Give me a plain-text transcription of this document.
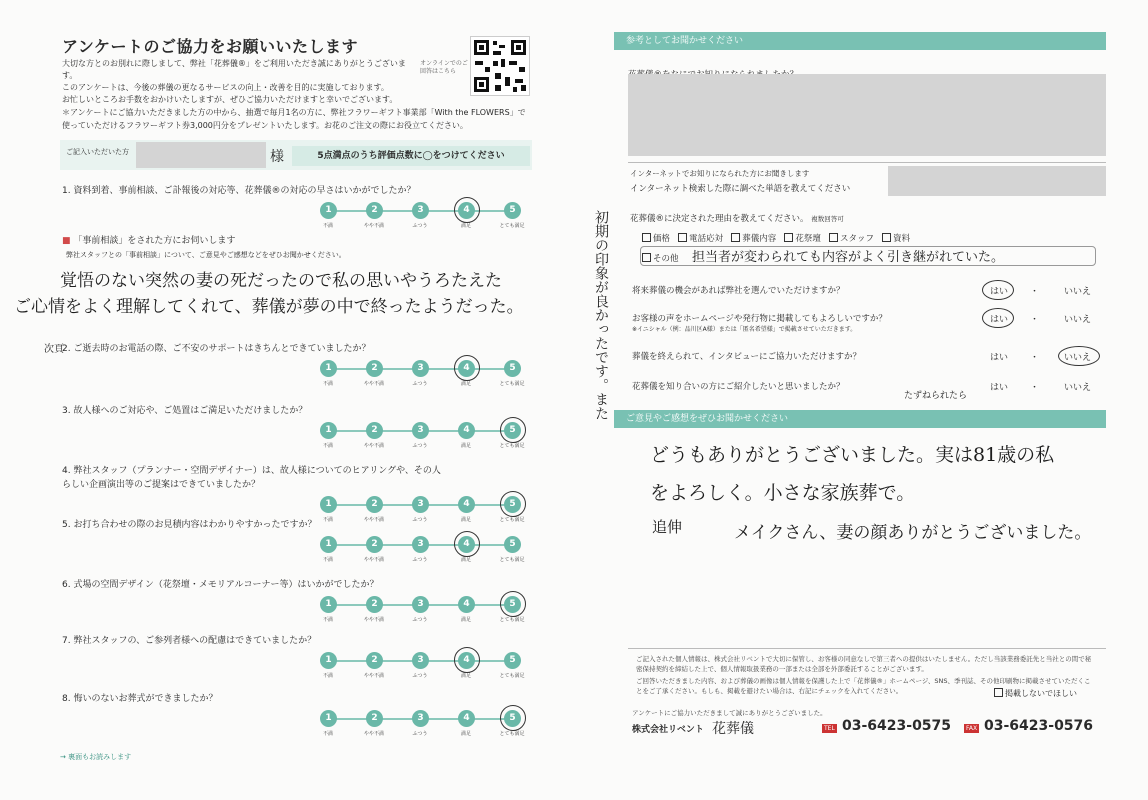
アンケートのご協力をお願いいたします
大切な方とのお別れに際しまして、弊社「花葬儀®」をご利用いただき誠にありがとうございます。
このアンケートは、今後の葬儀の更なるサービスの向上・改善を目的に実施しております。
お忙しいところお手数をおかけいたしますが、ぜひご協力いただけますと幸いでございます。
オンラインでのご回答はこちら
＊アンケートにご協力いただきました方の中から、抽選で毎月1名の方に、弊社フラワーギフト事業部「With the FLOWERS」で使っていただけるフラワーギフト券3,000円分をプレゼントいたします。お花のご注文の際にお役立てください。
ご記入いただいた方	様	5点満点のうち評価点数に◯をつけてください
1. 資料到着、事前相談、ご訃報後の対応等、花葬儀®の対応の早さはいかがでしたか？
1
不満
2
やや不満
3
ふつう
4
満足
5
とても満足
2. ご逝去時のお電話の際、ご不安のサポートはきちんとできていましたか？
1
不満
2
やや不満
3
ふつう
4
満足
5
とても満足
3. 故人様へのご対応や、ご処置はご満足いただけましたか？
1
不満
2
やや不満
3
ふつう
4
満足
5
とても満足
4. 弊社スタッフ（プランナー・空間デザイナー）は、故人様についてのヒアリングや、その人らしい企画演出等のご提案はできていましたか？
1
不満
2
やや不満
3
ふつう
4
満足
5
とても満足
5. お打ち合わせの際のお見積内容はわかりやすかったですか？
1
不満
2
やや不満
3
ふつう
4
満足
5
とても満足
6. 式場の空間デザイン（花祭壇・メモリアルコーナー等）はいかがでしたか？
1
不満
2
やや不満
3
ふつう
4
満足
5
とても満足
7. 弊社スタッフの、ご参列者様への配慮はできていましたか？
1
不満
2
やや不満
3
ふつう
4
満足
5
とても満足
8. 悔いのないお葬式ができましたか？
1
不満
2
やや不満
3
ふつう
4
満足
5
とても満足
■ 「事前相談」をされた方にお伺いします
弊社スタッフとの「事前相談」について、ご意見やご感想などをぜひお聞かせください。
覚悟のない突然の妻の死だったので私の思いやうろたえた
ご心情をよく理解してくれて、葬儀が夢の中で終ったようだった。
次頁
→ 裏面もお読みします
参考としてお聞かせください
インターネットでお知りになられた方にお聞きします
インターネット検索した際に調べた単語を教えてください
花葬儀®に決定された理由を教えてください。 複数回答可
価格 電話応対 葬儀内容 花祭壇 スタッフ 資料
その他 担当者が変わられても内容がよく引き継がれていた。
初期の印象が良かったです。また	将来葬儀の機会があれば弊社を選んでいただけますか？	はい ・	いいえ
お客様の声をホームページや発行物に掲載してもよろしいですか？	はい ・	いいえ
葬儀を終えられて、インタビューにご協力いただけますか？	はい ・	いいえ
花葬儀を知り合いの方にご紹介したいと思いましたか？	はい ・	いいえ
※イニシャル（例：品川区A様）または「匿名希望様」で掲載させていただきます。
たずねられたら
ご意見やご感想をぜひお聞かせください
どうもありがとうございました。実は81歳の私
をよろしく。小さな家族葬で。
追伸	メイクさん、妻の顔ありがとうございました。
ご記入された個人情報は、株式会社リベントで大切に保管し、お客様の同意なしで第三者への提供はいたしません。ただし当該業務委託先と当社との間で秘密保持契約を締結した上で、個人情報取扱業務の一部または全部を外部委託することがございます。
ご回答いただきました内容、および葬儀の画像は個人情報を保護した上で「花葬儀®」ホームページ、SNS、季刊誌、その他印刷物に掲載させていただくことをご了承ください。もしも、掲載を避けたい場合は、右記にチェックを入れてください。	掲載しないでほしい
アンケートにご協力いただきまして誠にありがとうございました。
株式会社リベント 花葬儀	TEL 03-6423-0575	FAX 03-6423-0576
